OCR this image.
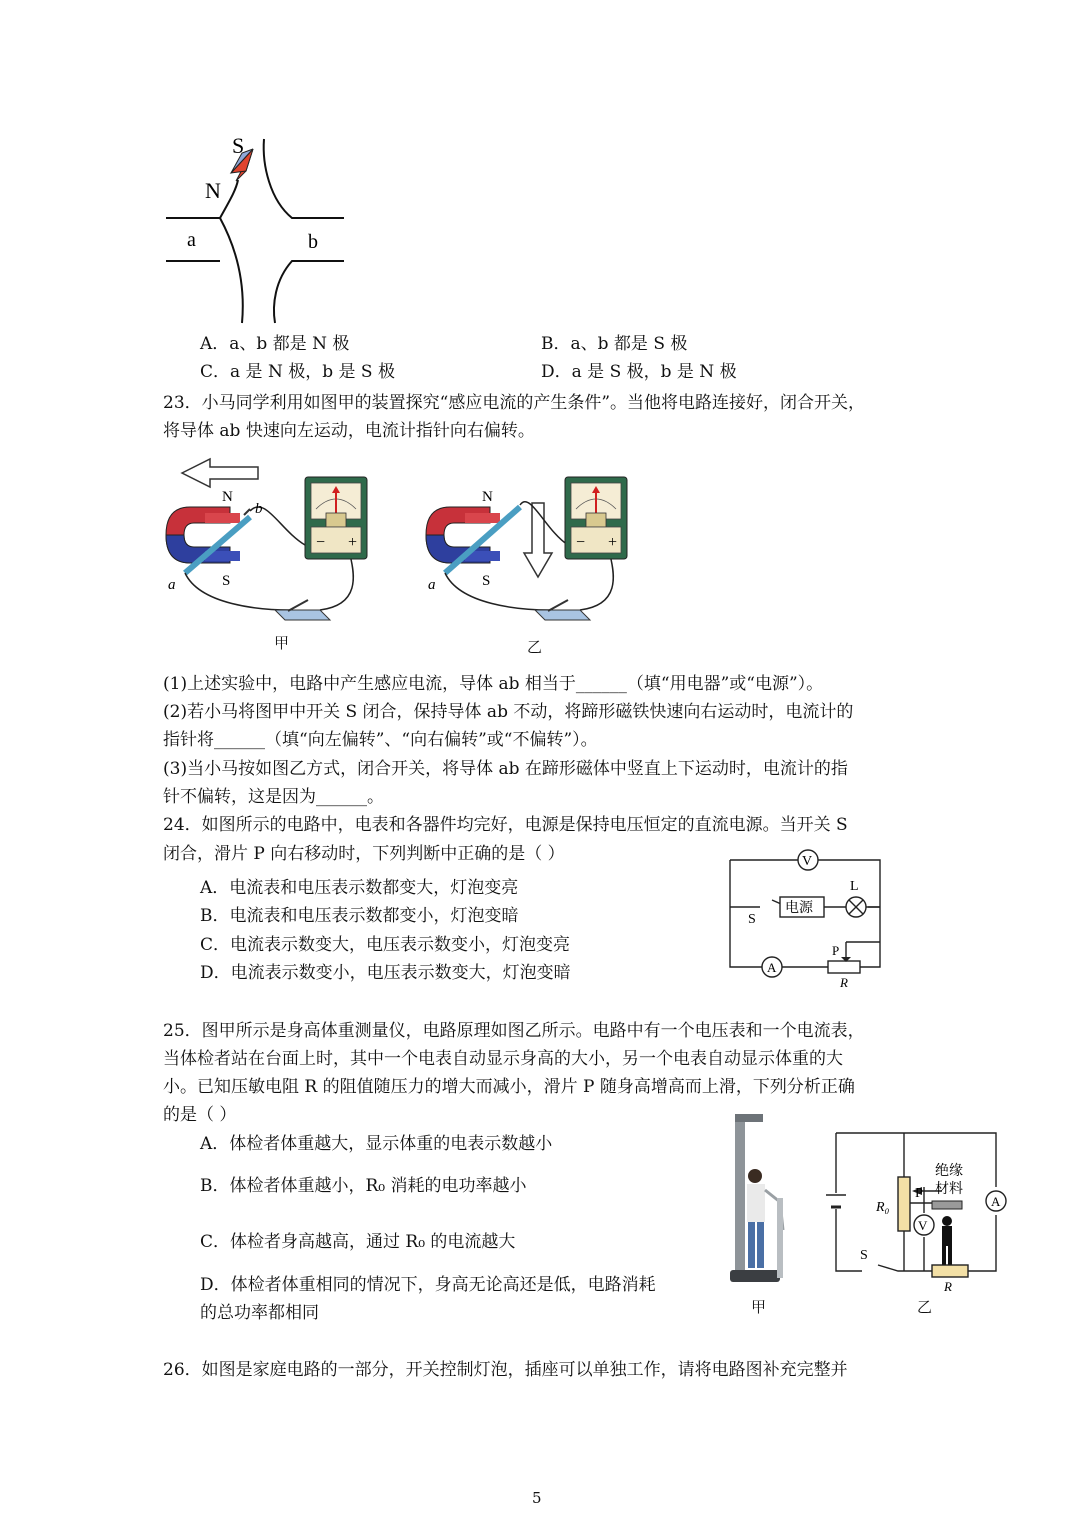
S
N
a	b
A．a、b 都是 N 极	B．a、b 都是 S 极
C．a 是 N 极，b 是 S 极	D．a 是 S 极，b 是 N 极
23．小马同学利用如图甲的装置探究“感应电流的产生条件”。当他将电路连接好，闭合开关，
将导体 ab 快速向左运动，电流计指针向右偏转。
− +
N
b
S
a
甲
− +
N
S
a
乙
(1)上述实验中，电路中产生感应电流，导体 ab 相当于______（填“用电器”或“电源”）。
(2)若小马将图甲中开关 S 闭合，保持导体 ab 不动，将蹄形磁铁快速向右运动时，电流计的
指针将______（填“向左偏转”、“向右偏转”或“不偏转”）。
(3)当小马按如图乙方式，闭合开关，将导体 ab 在蹄形磁体中竖直上下运动时，电流计的指
针不偏转，这是因为______。
24．如图所示的电路中，电表和各器件均完好，电源是保持电压恒定的直流电源。当开关 S
闭合，滑片 P 向右移动时，下列判断中正确的是（ ）
A．电流表和电压表示数都变大，灯泡变亮
B．电流表和电压表示数都变小，灯泡变暗
C．电流表示数变大，电压表示数变小，灯泡变亮
D．电流表示数变小，电压表示数变大，灯泡变暗
V
电源
L
S
A
P
R
25．图甲所示是身高体重测量仪，电路原理如图乙所示。电路中有一个电压表和一个电流表，
当体检者站在台面上时，其中一个电表自动显示身高的大小，另一个电表自动显示体重的大
小。已知压敏电阻 R 的阻值随压力的增大而减小，滑片 P 随身高增高而上滑，下列分析正确
的是（ ）
A．体检者体重越大，显示体重的电表示数越小
B．体检者体重越小，R₀ 消耗的电功率越小
C．体检者身高越高，通过 R₀ 的电流越大
D．体检者体重相同的情况下，身高无论高还是低，电路消耗
的总功率都相同	甲
R₀
P
绝缘
材料
V
A
S
R
乙
26．如图是家庭电路的一部分，开关控制灯泡，插座可以单独工作，请将电路图补充完整并
5
